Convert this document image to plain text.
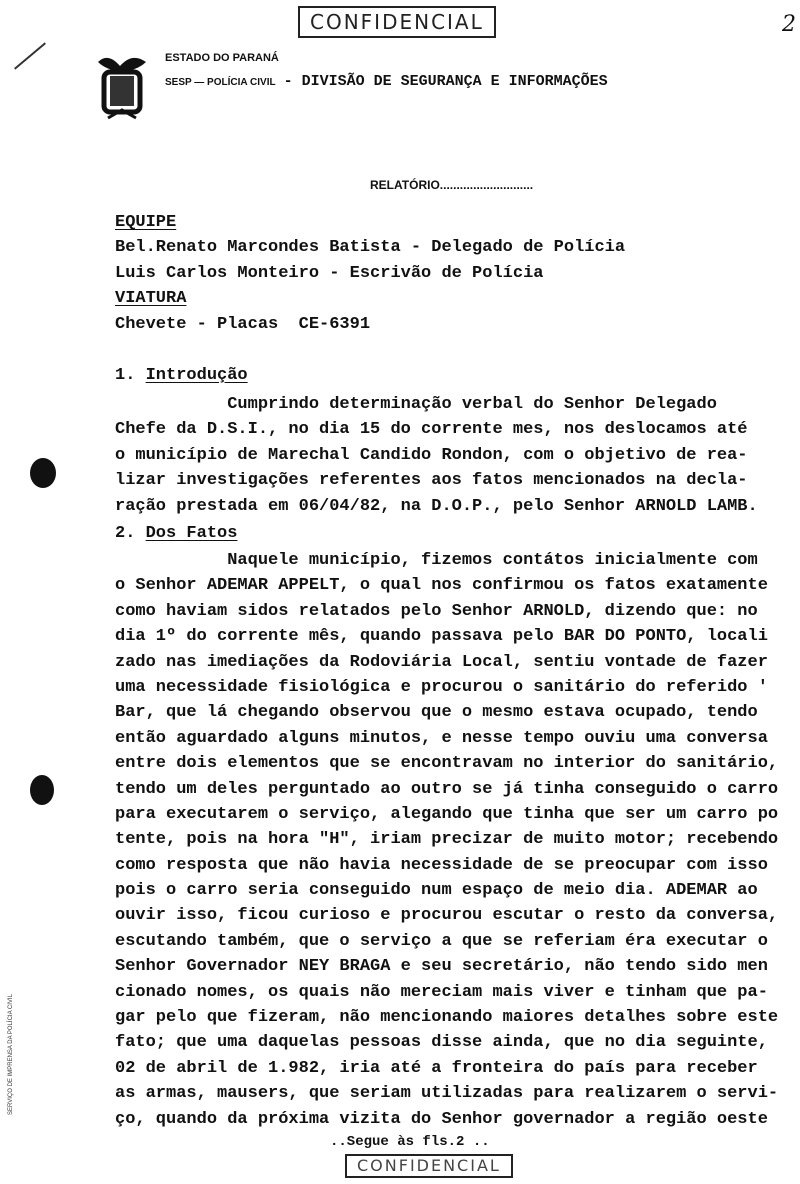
CONFIDENCIAL	2
ESTADO DO PARANÁ
SESP — POLÍCIA CIVIL - DIVISÃO DE SEGURANÇA E INFORMAÇÕES
RELATÓRIO............................
EQUIPE
Bel.Renato Marcondes Batista - Delegado de Polícia
Luis Carlos Monteiro - Escrivão de Polícia
VIATURA
Chevete - Placas  CE-6391
1. Introdução
Cumprindo determinação verbal do Senhor Delegado
Chefe da D.S.I., no dia 15 do corrente mes, nos deslocamos até
o município de Marechal Candido Rondon, com o objetivo de rea-
lizar investigações referentes aos fatos mencionados na decla-
ração prestada em 06/04/82, na D.O.P., pelo Senhor ARNOLD LAMB.
2. Dos Fatos
Naquele município, fizemos contátos inicialmente com
o Senhor ADEMAR APPELT, o qual nos confirmou os fatos exatamente
como haviam sidos relatados pelo Senhor ARNOLD, dizendo que: no
dia 1º do corrente mês, quando passava pelo BAR DO PONTO, locali
zado nas imediações da Rodoviária Local, sentiu vontade de fazer
uma necessidade fisiológica e procurou o sanitário do referido '
Bar, que lá chegando observou que o mesmo estava ocupado, tendo
então aguardado alguns minutos, e nesse tempo ouviu uma conversa
entre dois elementos que se encontravam no interior do sanitário,
tendo um deles perguntado ao outro se já tinha conseguido o carro
para executarem o serviço, alegando que tinha que ser um carro po
tente, pois na hora "H", iriam precizar de muito motor; recebendo
como resposta que não havia necessidade de se preocupar com isso
pois o carro seria conseguido num espaço de meio dia. ADEMAR ao
ouvir isso, ficou curioso e procurou escutar o resto da conversa,
escutando também, que o serviço a que se referiam éra executar o
Senhor Governador NEY BRAGA e seu secretário, não tendo sido men
cionado nomes, os quais não mereciam mais viver e tinham que pa-
gar pelo que fizeram, não mencionando maiores detalhes sobre este
fato; que uma daquelas pessoas disse ainda, que no dia seguinte,
02 de abril de 1.982, iria até a fronteira do país para receber
as armas, mausers, que seriam utilizadas para realizarem o servi-
ço, quando da próxima vizita do Senhor governador a região oeste
..Segue às fls.2 ..
CONFIDENCIAL
SERVIÇO DE IMPRENSA DA POLÍCIA CIVIL
